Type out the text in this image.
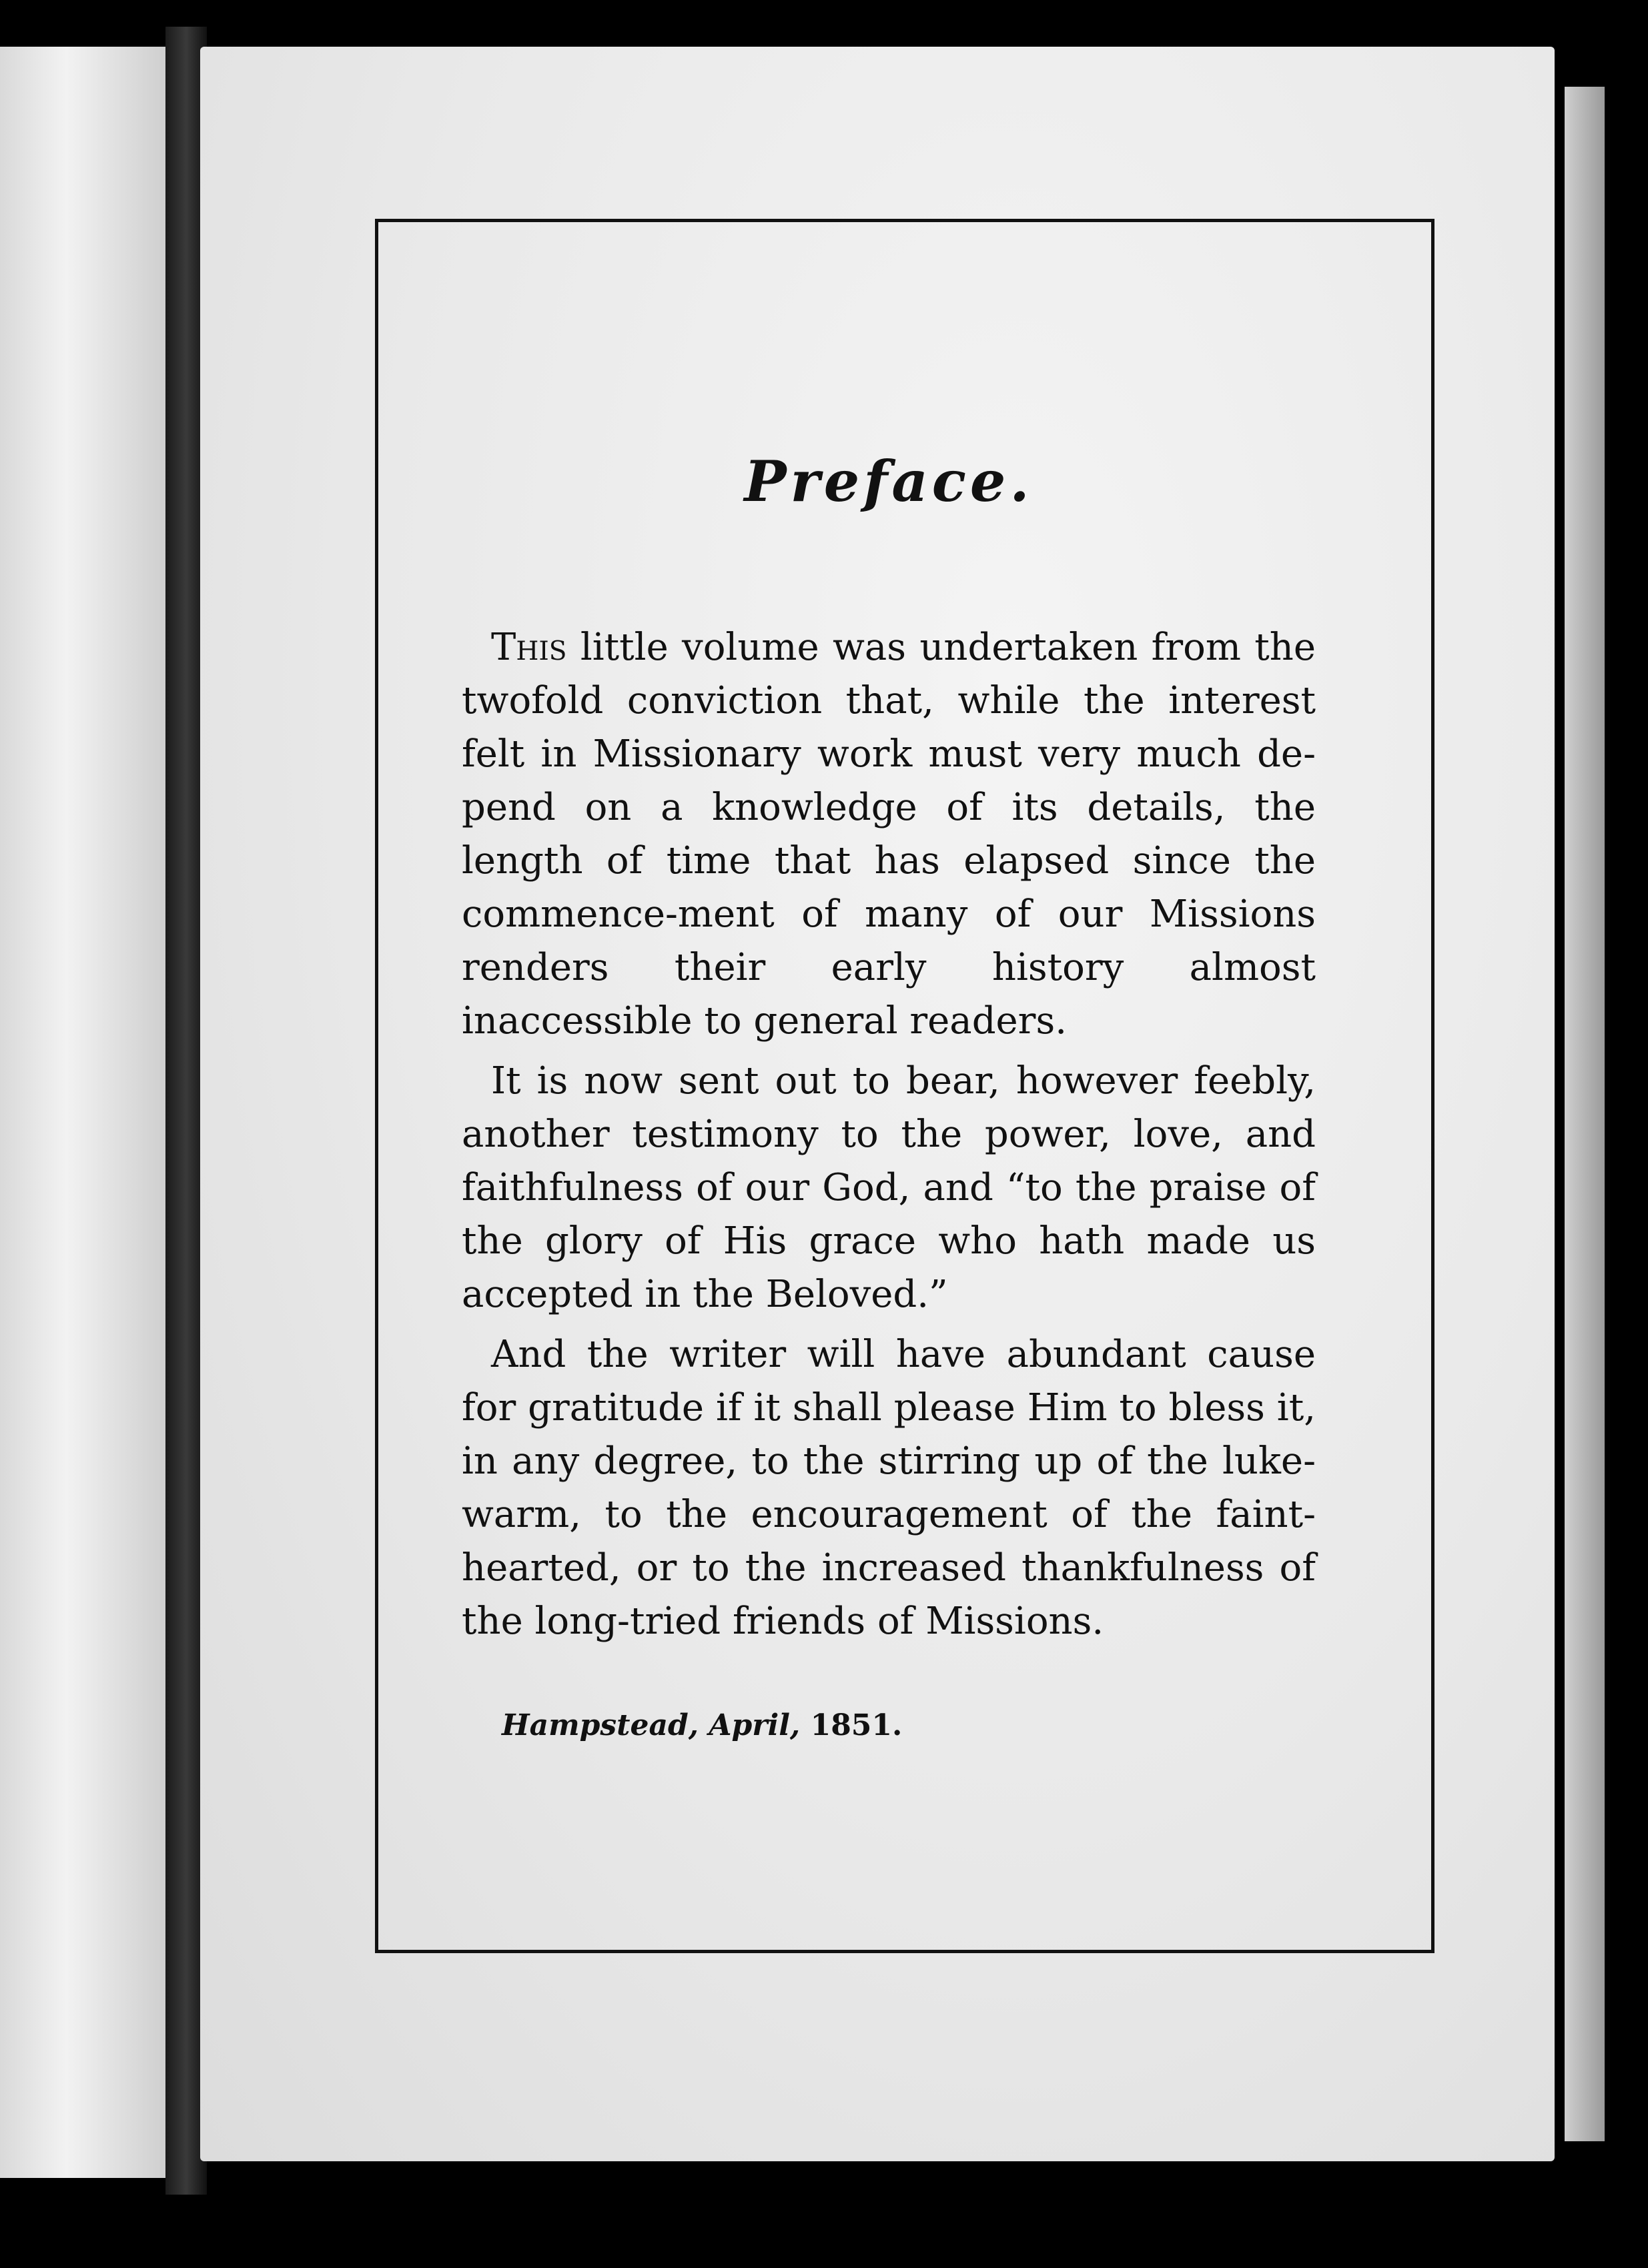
Preface.

This little volume was undertaken from the twofold conviction that, while the interest felt in Missionary work must very much de-pend on a knowledge of its details, the length of time that has elapsed since the commence-ment of many of our Missions renders their early history almost inaccessible to general readers.

It is now sent out to bear, however feebly, another testimony to the power, love, and faithfulness of our God, and “to the praise of the glory of His grace who hath made us accepted in the Beloved.”

And the writer will have abundant cause for gratitude if it shall please Him to bless it, in any degree, to the stirring up of the luke-warm, to the encouragement of the faint-hearted, or to the increased thankfulness of the long-tried friends of Missions.

Hampstead, April, 1851.
